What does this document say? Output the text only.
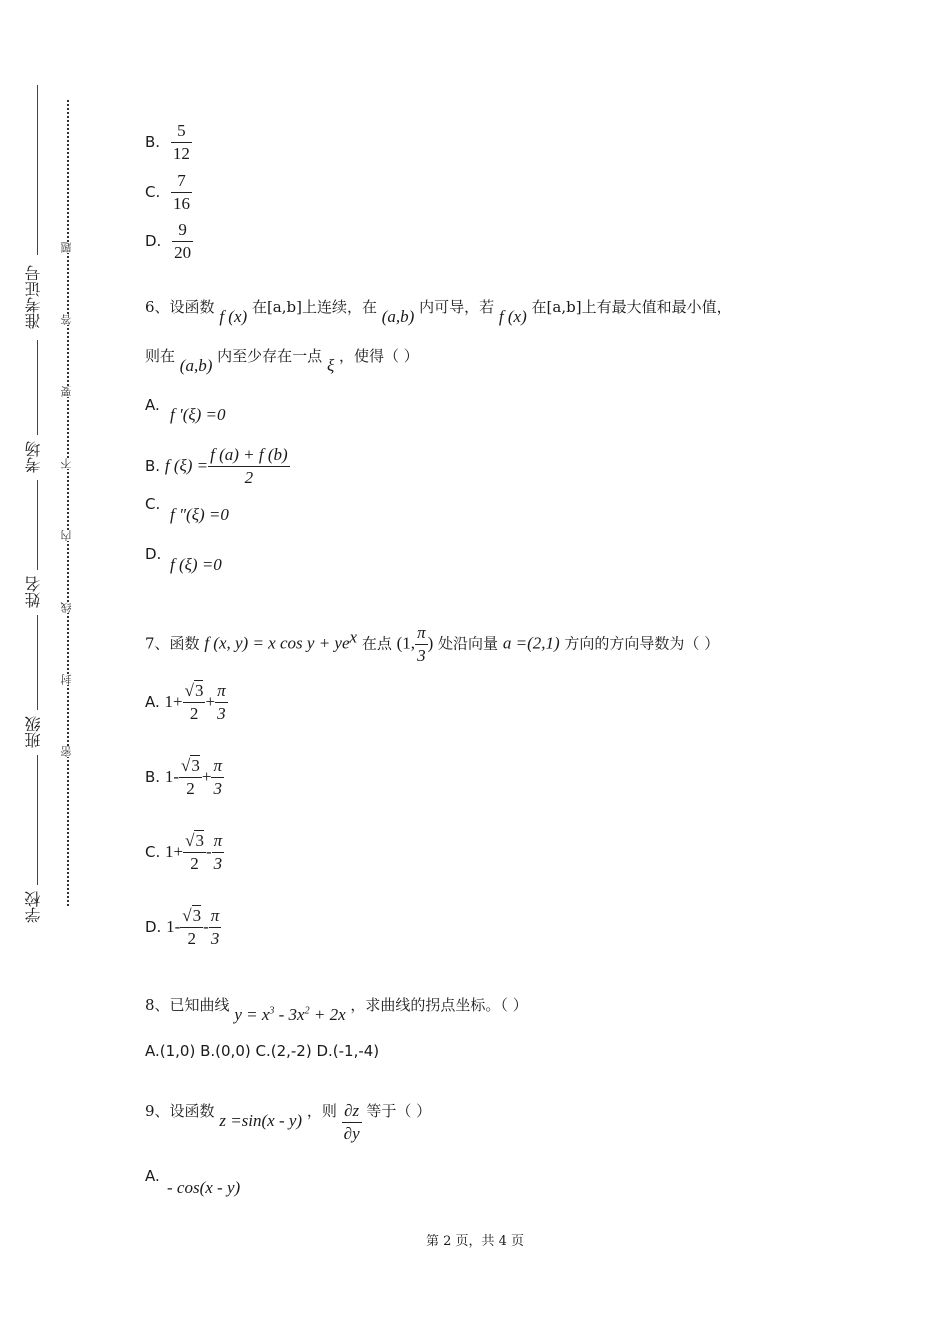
准考证号
考场
姓名
班级
学校
题
答
要
不
内
线
封
密
B. $\frac{5}{12}$
C. $\frac{7}{16}$
D. $\frac{9}{20}$
6、设函数 f (x) 在[a,b]上连续，在 (a,b) 内可导，若 f (x) 在[a,b]上有最大值和最小值，
则在 (a,b) 内至少存在一点 ξ ，使得（ ）
A. f ′(ξ) =0
B. f $(\xi) = \frac{f (a) + f (b)}{2}$
C.
f ″(ξ) =0
D.
f (ξ) =0
7、函数 f (x, y) = x $\cos y + ye^x$ 在点 (1, $\frac{\pi}{3}$ ) 处沿向量 a =(2,1) 方向的方向导数为（ ）
A. $1+ \frac{√3}{2} + \frac{\pi}{3}$
B. $1- \frac{√3}{2} + \frac{\pi}{3}$
C. $1+ \frac{√3}{2} - \frac{\pi}{3}$
D. $1- \frac{√3}{2} - \frac{\pi}{3}$
8、已知曲线 $y = x^3 - 3x^2 + 2x$ ，求曲线的拐点坐标。（ ）
A.(1,0) B.(0,0) C.(2,-2) D.(-1,-4)
9、设函数 z =sin(x - y) ，则 $\frac{\partial z}{\partial y}$ 等于（ ）
A.
- cos(x - y)
第 2 页，共 4 页
